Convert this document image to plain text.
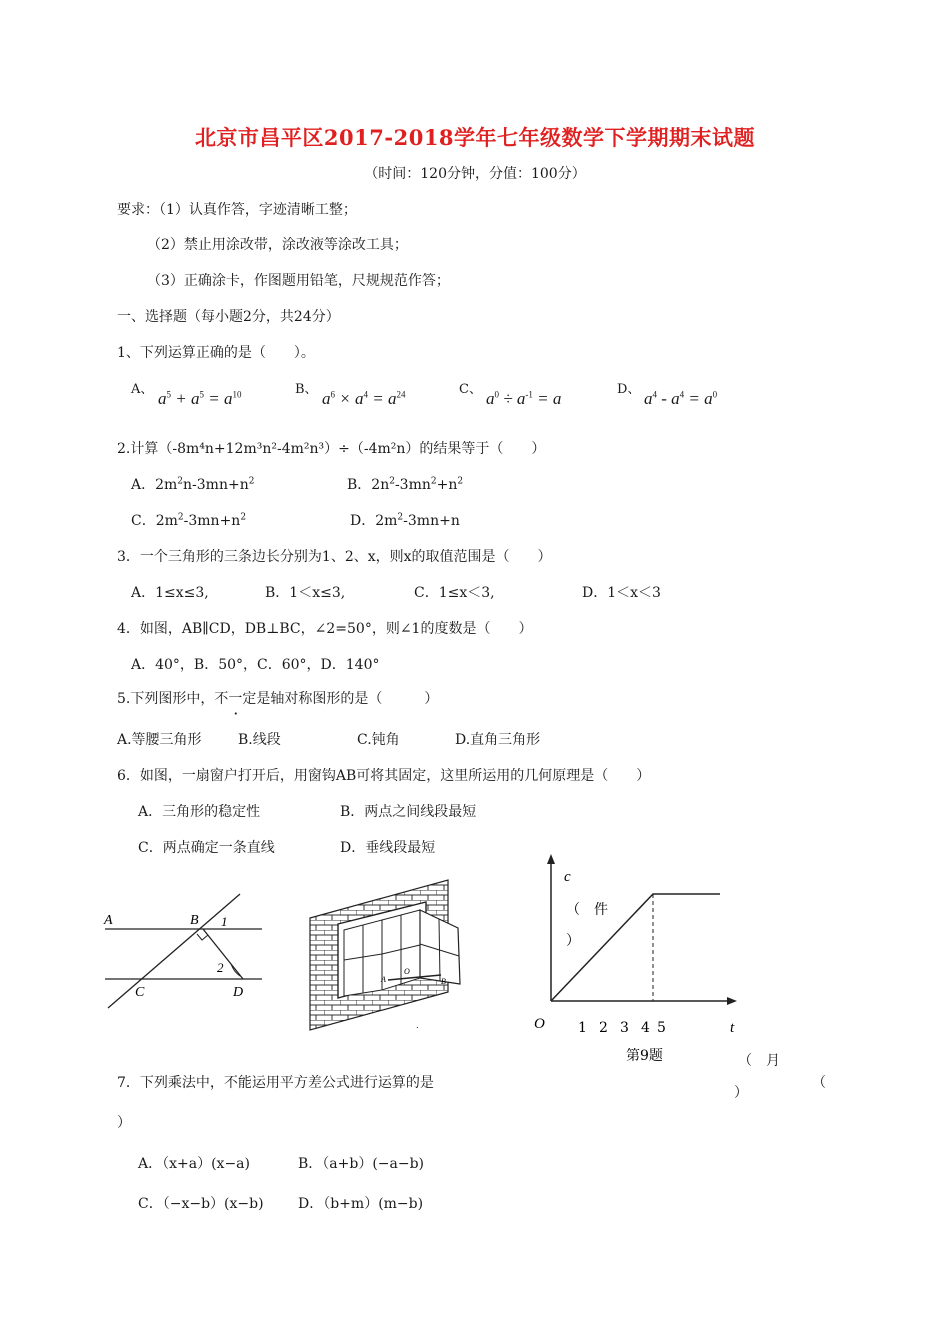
北京市昌平区2017-2018学年七年级数学下学期期末试题
（时间：120分钟，分值：100分）
要求：（1）认真作答，字迹清晰工整；
（2）禁止用涂改带，涂改液等涂改工具；
（3）正确涂卡，作图题用铅笔，尺规规范作答；
一、选择题（每小题2分，共24分）
1、下列运算正确的是（　　）。
A、 $a^5 + a^5 = a^{10}$	B、 $a^6 \times a^4 = a^{24}$	C、 $a^0 \div a^{-1} = a$	D、 $a^4 - a^4 = a^0$
2.计算（-8m⁴n+12m³n²-4m²n³）÷（-4m²n）的结果等于（　　）
A．$2m^2n-3mn+n^2$	B．$2n^2-3mn^2+n^2$
C．$2m^2-3mn+n^2$	D．$2m^2-3mn+n$
3．一个三角形的三条边长分别为1、2、x，则x的取值范围是（　　）
A．1≤x≤3,	B．1＜x≤3,	C．1≤x＜3,	D．1＜x＜3
4．如图，AB∥CD，DB⊥BC，∠2=50°，则∠1的度数是（　　）
A．40°，B．50°，C．60°，D．140°
5.下列图形中，不一定是轴对称图形的是（　　　）
A.等腰三角形	B.线段	C.钝角	D.直角三角形
6．如图，一扇窗户打开后，用窗钩AB可将其固定，这里所运用的几何原理是（　　）
A．三角形的稳定性	B．两点之间线段最短
C．两点确定一条直线	D．垂线段最短
A	B 1
2
C	D
A
O
B
.
c
（　件
）
O 1 2 3 4 5	t
第9题	（　月
）
7．下列乘法中，不能运用平方差公式进行运算的是	（
）
A．（x+a）(x−a)	B．（a+b）(−a−b)
C．（−x−b）(x−b) D．（b+m）(m−b)
